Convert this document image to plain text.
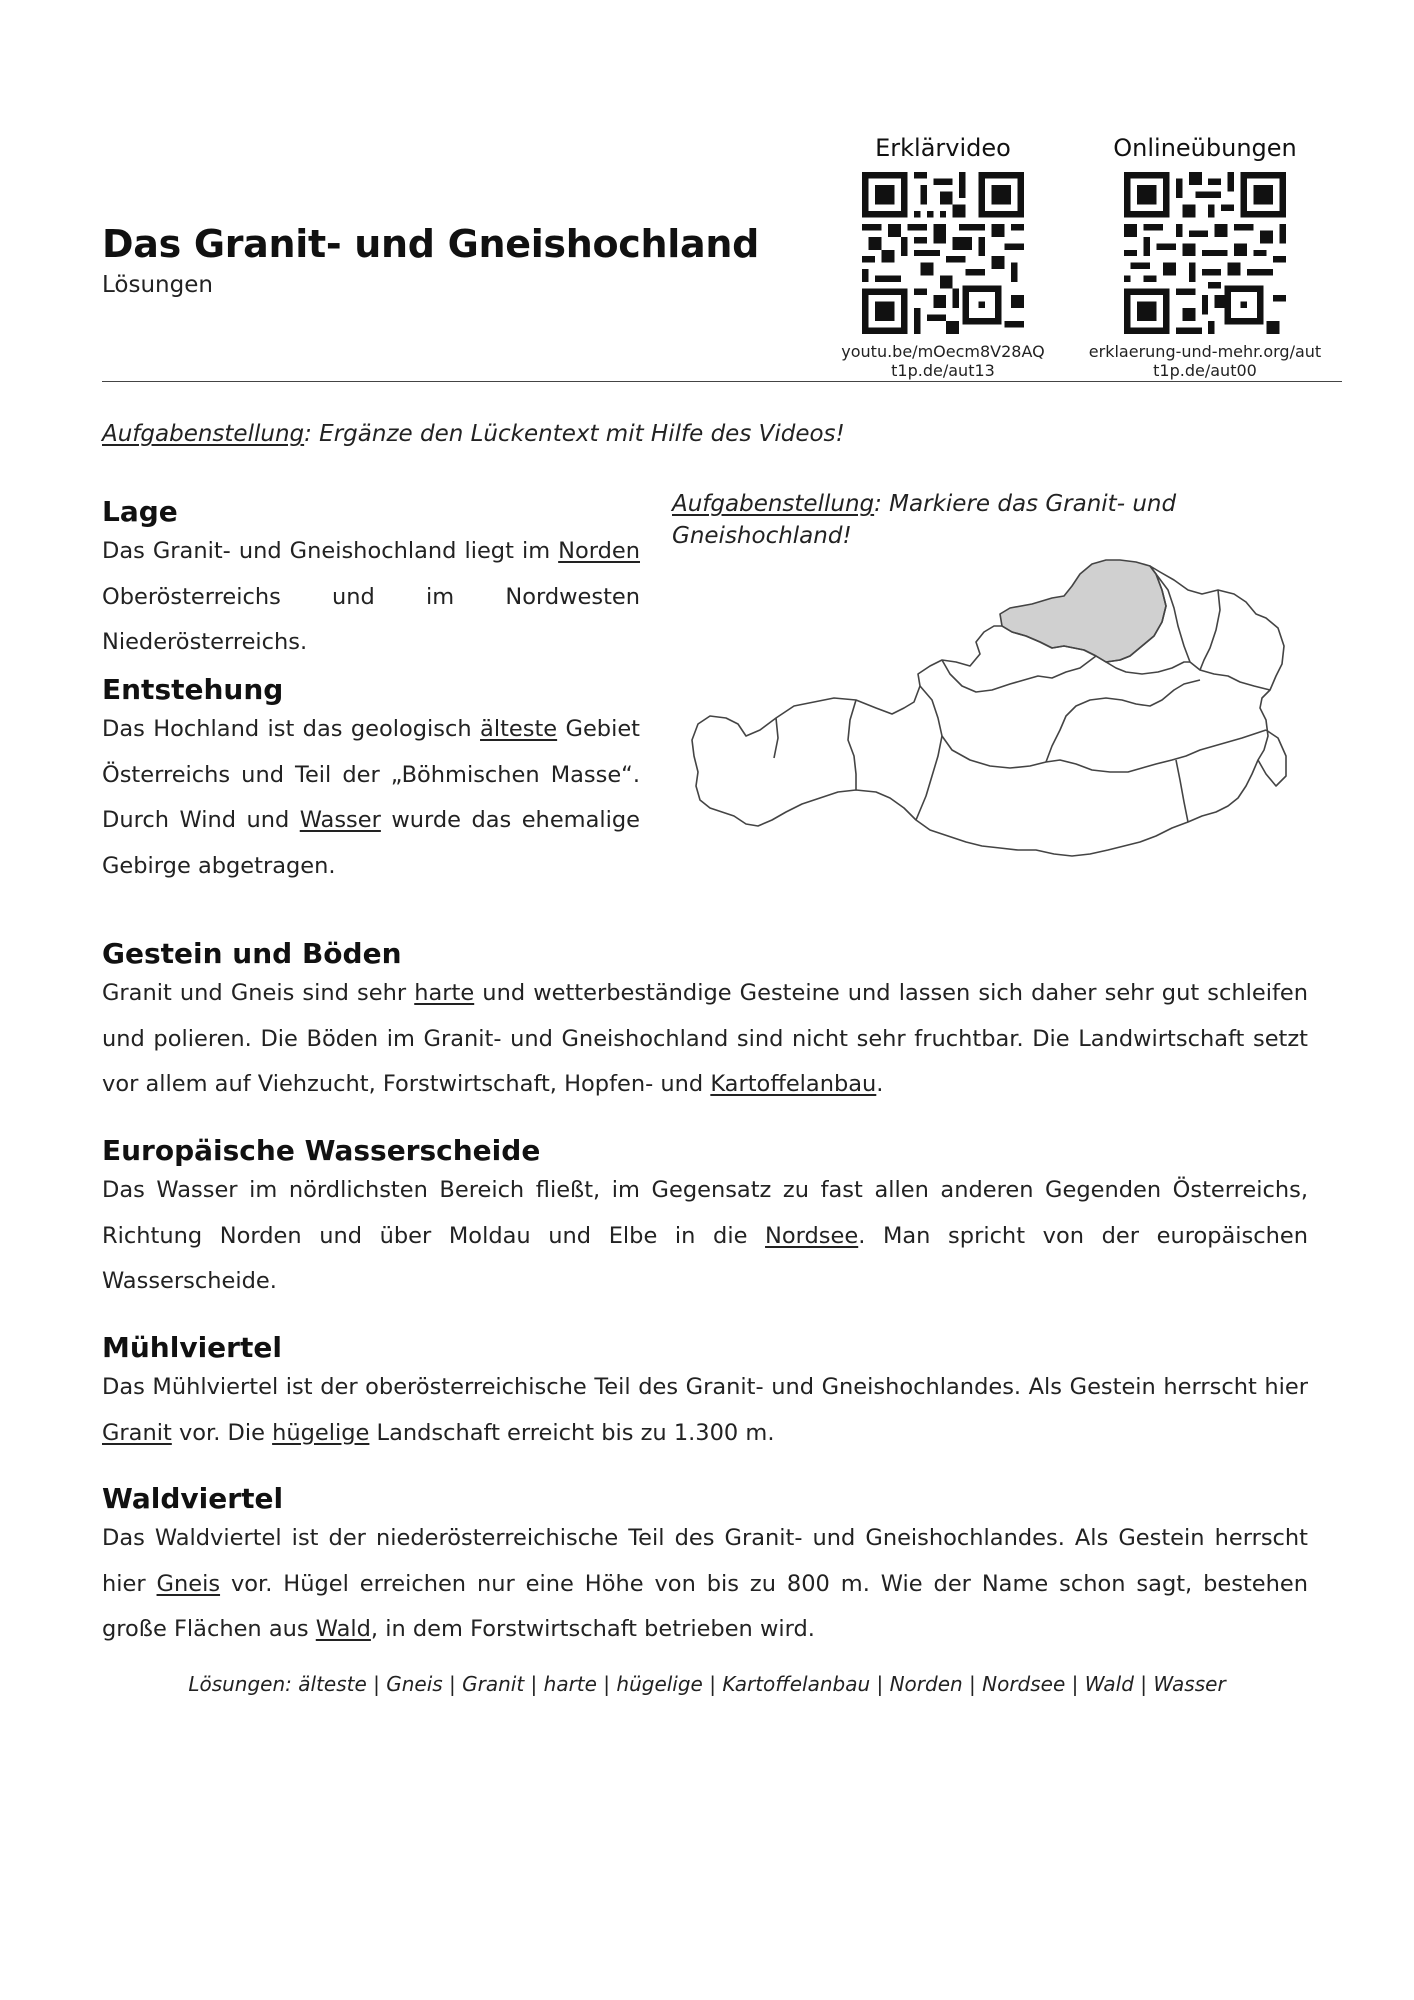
Das Granit- und Gneishochland
Lösungen
Erklärvideo
youtu.be/mOecm8V28AQ
t1p.de/aut13
Onlineübungen
erklaerung-und-mehr.org/aut
t1p.de/aut00
Aufgabenstellung: Ergänze den Lückentext mit Hilfe des Videos!
Lage

Das Granit- und Gneishochland liegt im Norden Oberösterreichs und im Nordwesten Niederösterreichs.

Entstehung

Das Hochland ist das geologisch älteste Gebiet Österreichs und Teil der „Böhmischen Masse“. Durch Wind und Wasser wurde das ehemalige Gebirge abgetragen.

Aufgabenstellung: Markiere das Granit- und Gneishochland!
Gestein und Böden

Granit und Gneis sind sehr harte und wetterbeständige Gesteine und lassen sich daher sehr gut schleifen und polieren. Die Böden im Granit- und Gneishochland sind nicht sehr fruchtbar. Die Landwirtschaft setzt vor allem auf Viehzucht, Forstwirtschaft, Hopfen- und Kartoffelanbau.

Europäische Wasserscheide

Das Wasser im nördlichsten Bereich fließt, im Gegensatz zu fast allen anderen Gegenden Österreichs, Richtung Norden und über Moldau und Elbe in die Nordsee. Man spricht von der europäischen Wasserscheide.

Mühlviertel

Das Mühlviertel ist der oberösterreichische Teil des Granit- und Gneishochlandes. Als Gestein herrscht hier Granit vor. Die hügelige Landschaft erreicht bis zu 1.300 m.

Waldviertel

Das Waldviertel ist der niederösterreichische Teil des Granit- und Gneishochlandes. Als Gestein herrscht hier Gneis vor. Hügel erreichen nur eine Höhe von bis zu 800 m. Wie der Name schon sagt, bestehen große Flächen aus Wald, in dem Forstwirtschaft betrieben wird.

Lösungen: älteste | Gneis | Granit | harte | hügelige | Kartoffelanbau | Norden | Nordsee | Wald | Wasser
